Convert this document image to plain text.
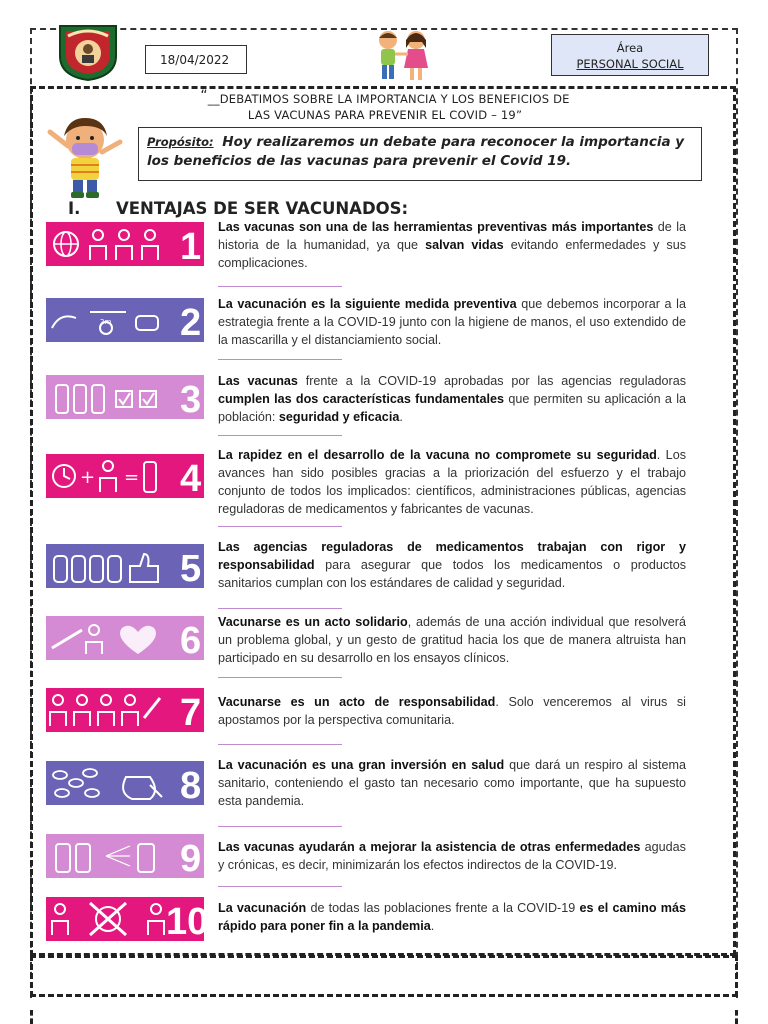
18/04/2022
Área
PERSONAL SOCIAL
“__DEBATIMOS SOBRE LA IMPORTANCIA Y LOS BENEFICIOS DE
LAS VACUNAS PARA PREVENIR EL COVID – 19”
Propósito: Hoy realizaremos un debate para reconocer la importancia y los beneficios de las vacunas para prevenir el Covid 19.
I.	VENTAJAS DE SER VACUNADOS:
1 Las vacunas son una de las herramientas preventivas más importantes de la historia de la humanidad, ya que salvan vidas evitando enfermedades y sus complicaciones.
2m 2 La vacunación es la siguiente medida preventiva que debemos incorporar a la estrategia frente a la COVID-19 junto con la higiene de manos, el uso extendido de la mascarilla y el distanciamiento social.
3 Las vacunas frente a la COVID-19 aprobadas por las agencias reguladoras cumplen las dos características fundamentales que permiten su aplicación a la población: seguridad y eficacia.
+ = 4
La rapidez en el desarrollo de la vacuna no compromete su seguridad. Los avances han sido posibles gracias a la priorización del esfuerzo y el trabajo conjunto de todos los implicados: científicos, administraciones públicas, agencias reguladoras de medicamentos y fabricantes de vacunas.
5
Las agencias reguladoras de medicamentos trabajan con rigor y responsabilidad para asegurar que todos los medicamentos o productos sanitarios cumplan con los estándares de calidad y seguridad.
6 Vacunarse es un acto solidario, además de una acción individual que resolverá un problema global, y un gesto de gratitud hacia los que de manera altruista han participado en su desarrollo en los ensayos clínicos.
7 Vacunarse es un acto de responsabilidad. Solo venceremos al virus si apostamos por la perspectiva comunitaria.
8 La vacunación es una gran inversión en salud que dará un respiro al sistema sanitario, conteniendo el gasto tan necesario como importante, que ha supuesto esta pandemia.
9 Las vacunas ayudarán a mejorar la asistencia de otras enfermedades agudas y crónicas, es decir, minimizarán los efectos indirectos de la COVID-19.
10 La vacunación de todas las poblaciones frente a la COVID-19 es el camino más rápido para poner fin a la pandemia.
